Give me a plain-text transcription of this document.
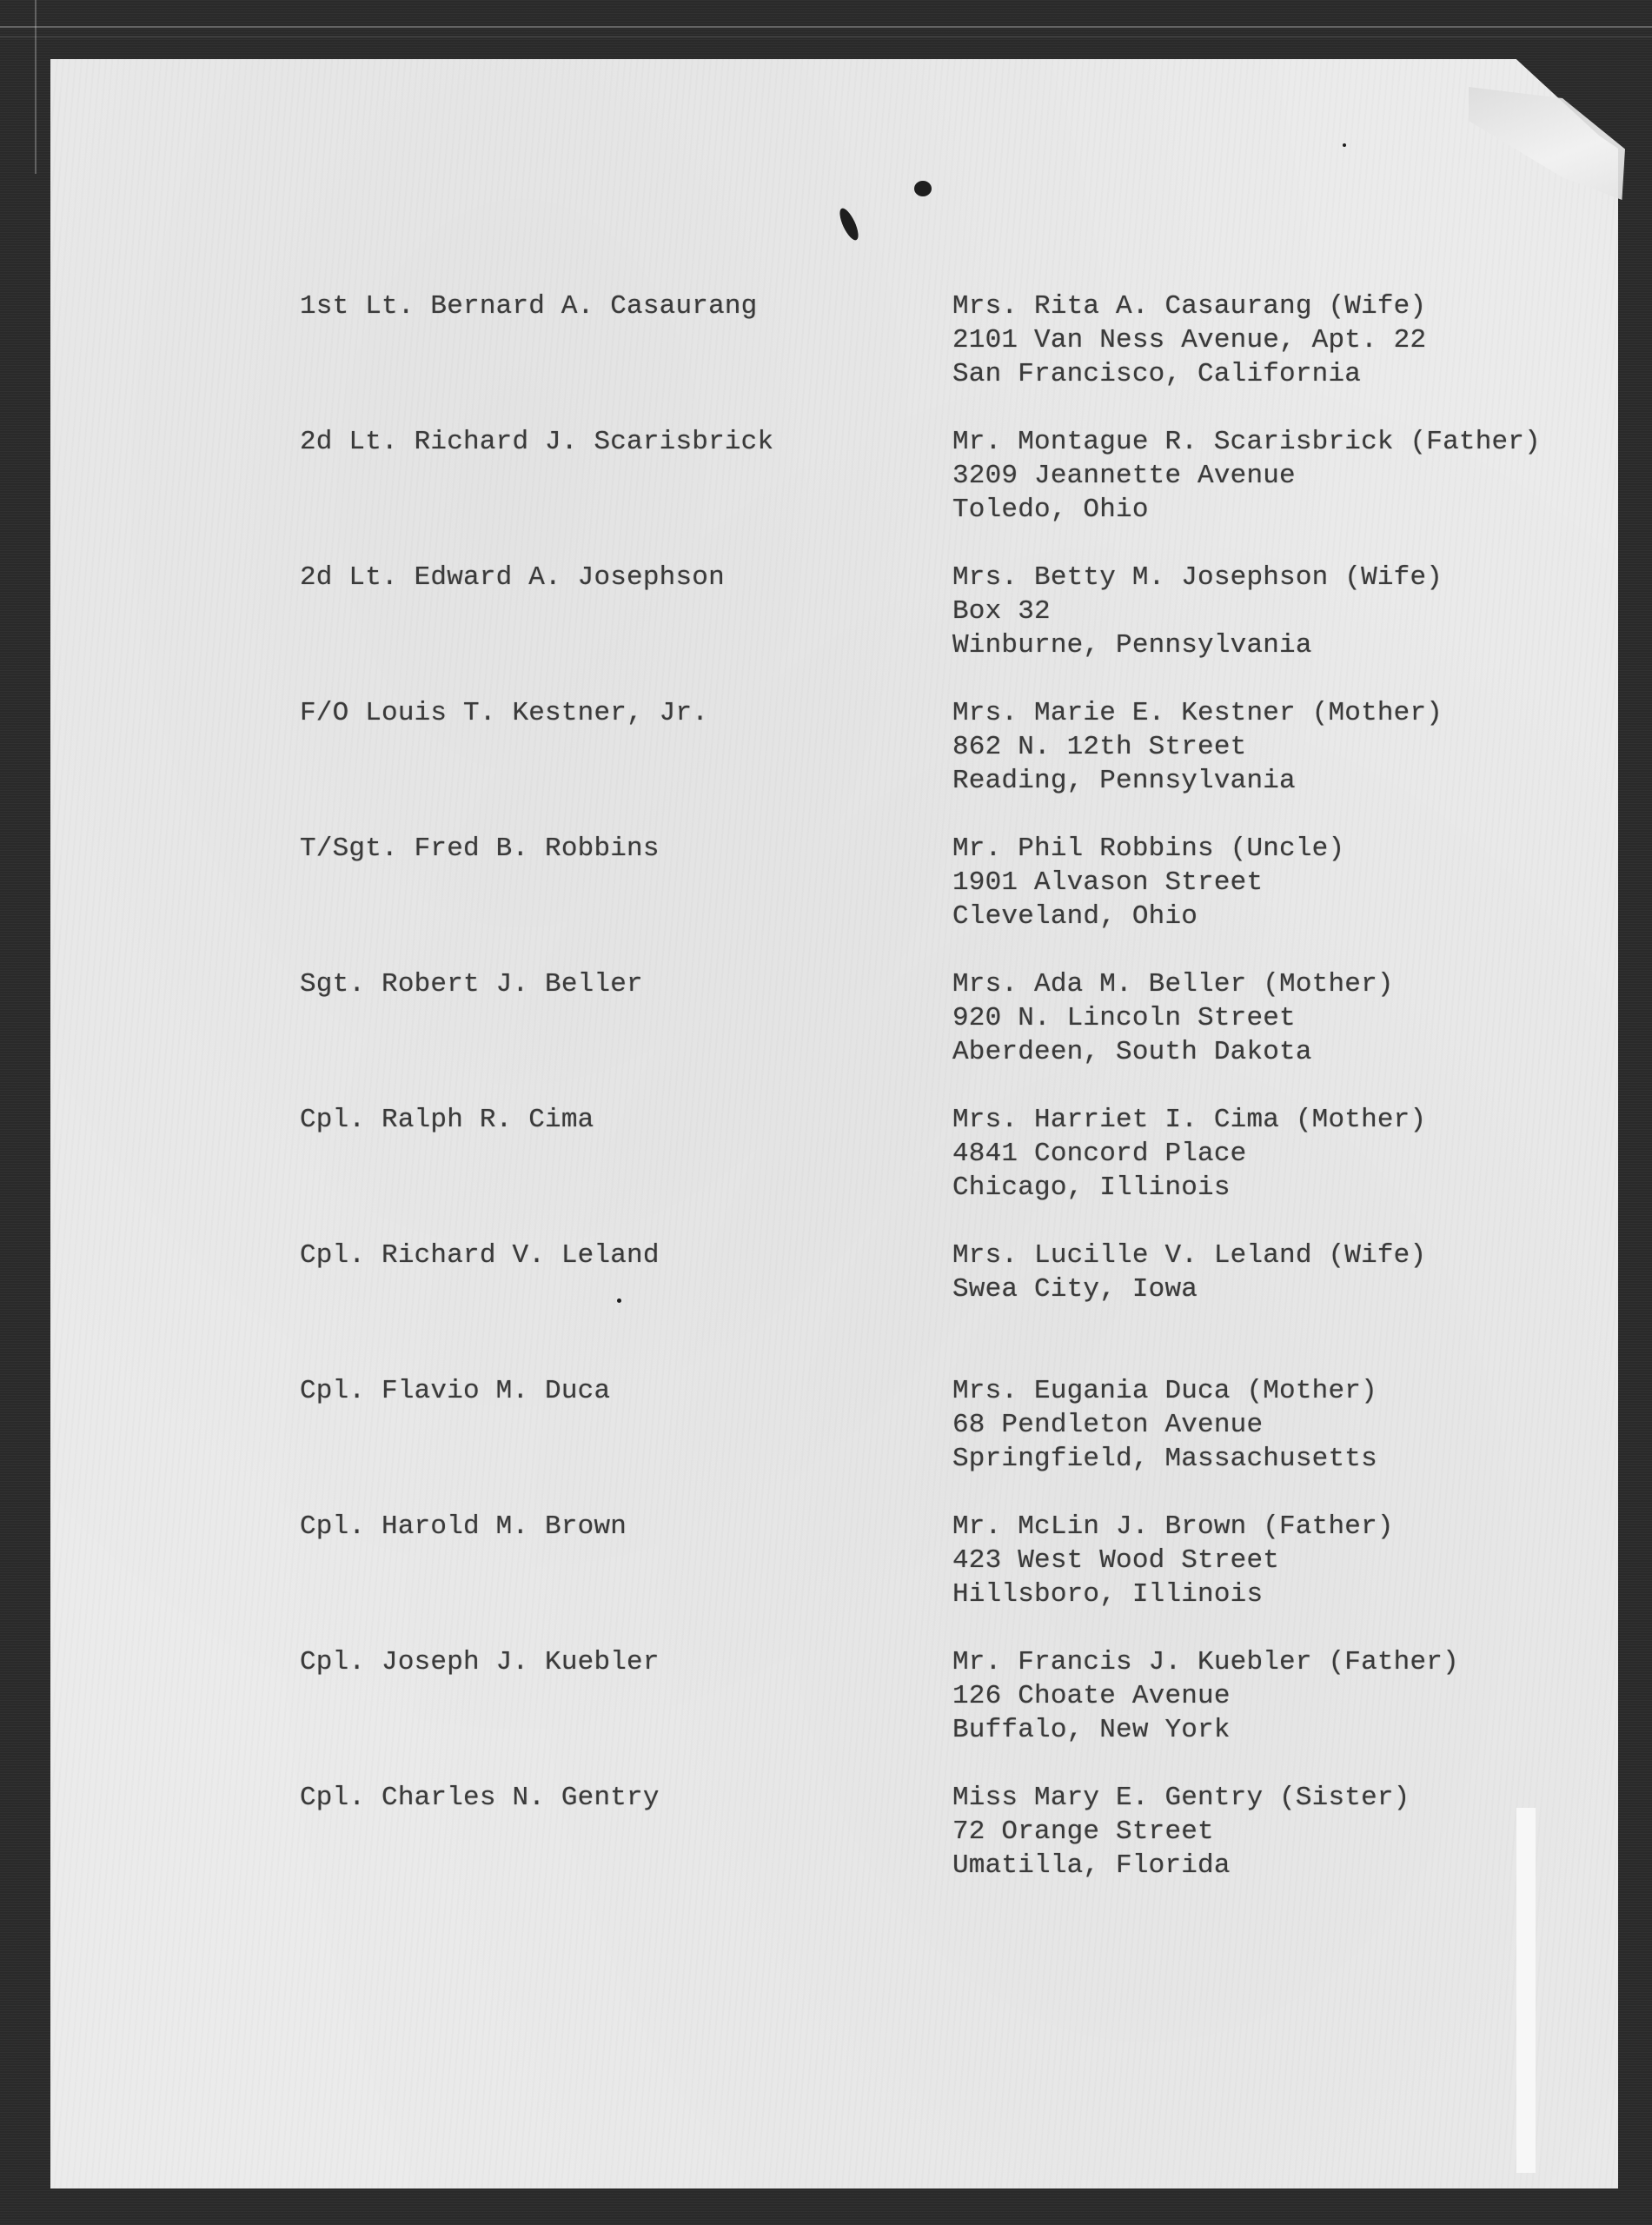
1st Lt. Bernard A. Casaurang

	Mrs. Rita A. Casaurang (Wife)
2101 Van Ness Avenue, Apt. 22
San Francisco, California

2d Lt. Richard J. Scarisbrick

	Mr. Montague R. Scarisbrick (Father)
3209 Jeannette Avenue
Toledo, Ohio

2d Lt. Edward A. Josephson

	Mrs. Betty M. Josephson (Wife)
Box 32
Winburne, Pennsylvania

F/O Louis T. Kestner, Jr.

	Mrs. Marie E. Kestner (Mother)
862 N. 12th Street
Reading, Pennsylvania

T/Sgt. Fred B. Robbins

	Mr. Phil Robbins (Uncle)
1901 Alvason Street
Cleveland, Ohio

Sgt. Robert J. Beller

	Mrs. Ada M. Beller (Mother)
920 N. Lincoln Street
Aberdeen, South Dakota

Cpl. Ralph R. Cima

	Mrs. Harriet I. Cima (Mother)
4841 Concord Place
Chicago, Illinois

Cpl. Richard V. Leland

	Mrs. Lucille V. Leland (Wife)
Swea City, Iowa

Cpl. Flavio M. Duca

	Mrs. Eugania Duca (Mother)
68 Pendleton Avenue
Springfield, Massachusetts

Cpl. Harold M. Brown

	Mr. McLin J. Brown (Father)
423 West Wood Street
Hillsboro, Illinois

Cpl. Joseph J. Kuebler

	Mr. Francis J. Kuebler (Father)
126 Choate Avenue
Buffalo, New York

Cpl. Charles N. Gentry

	Miss Mary E. Gentry (Sister)
72 Orange Street
Umatilla, Florida
